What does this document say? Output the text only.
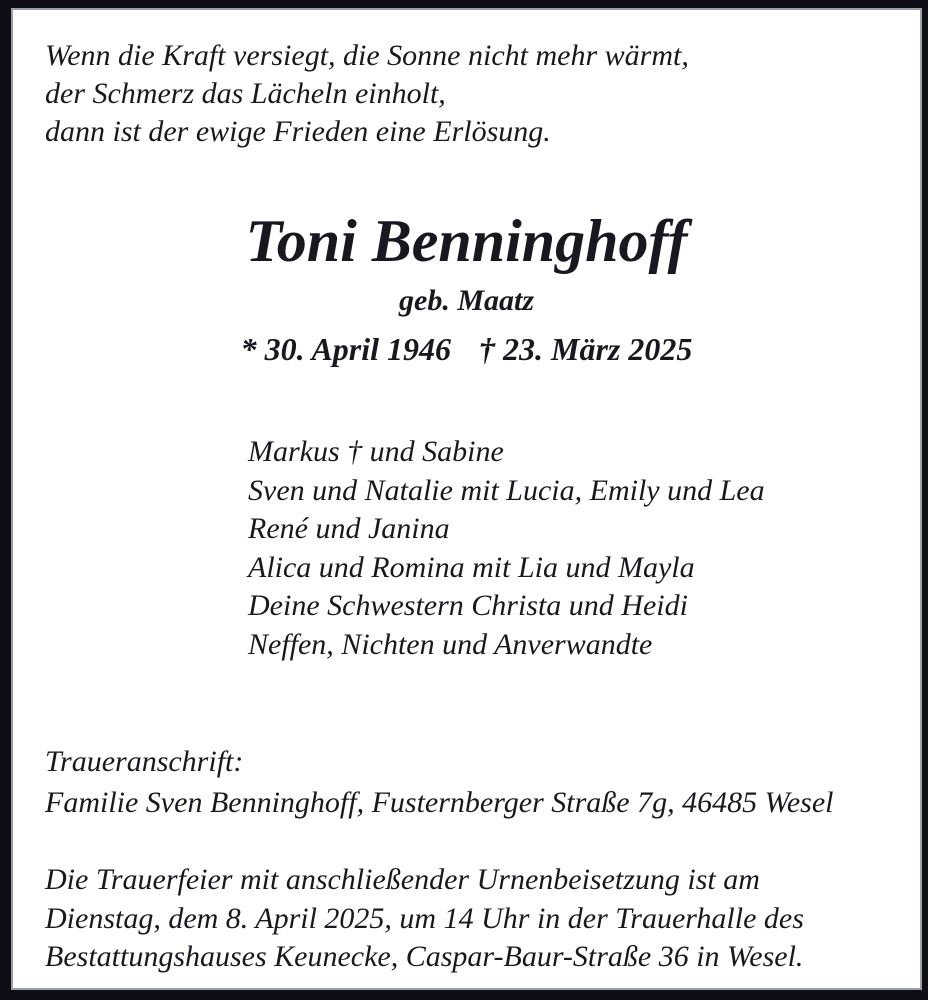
Wenn die Kraft versiegt, die Sonne nicht mehr wärmt,
der Schmerz das Lächeln einholt,
dann ist der ewige Frieden eine Erlösung.
Toni Benninghoff
geb. Maatz
* 30. April 1946 † 23. März 2025
Markus † und Sabine
Sven und Natalie mit Lucia, Emily und Lea
René und Janina
Alica und Romina mit Lia und Mayla
Deine Schwestern Christa und Heidi
Neffen, Nichten und Anverwandte
Traueranschrift:
Familie Sven Benninghoff, Fusternberger Straße 7g, 46485 Wesel
Die Trauerfeier mit anschließender Urnenbeisetzung ist am
Dienstag, dem 8. April 2025, um 14 Uhr in der Trauerhalle des
Bestattungshauses Keunecke, Caspar-Baur-Straße 36 in Wesel.
